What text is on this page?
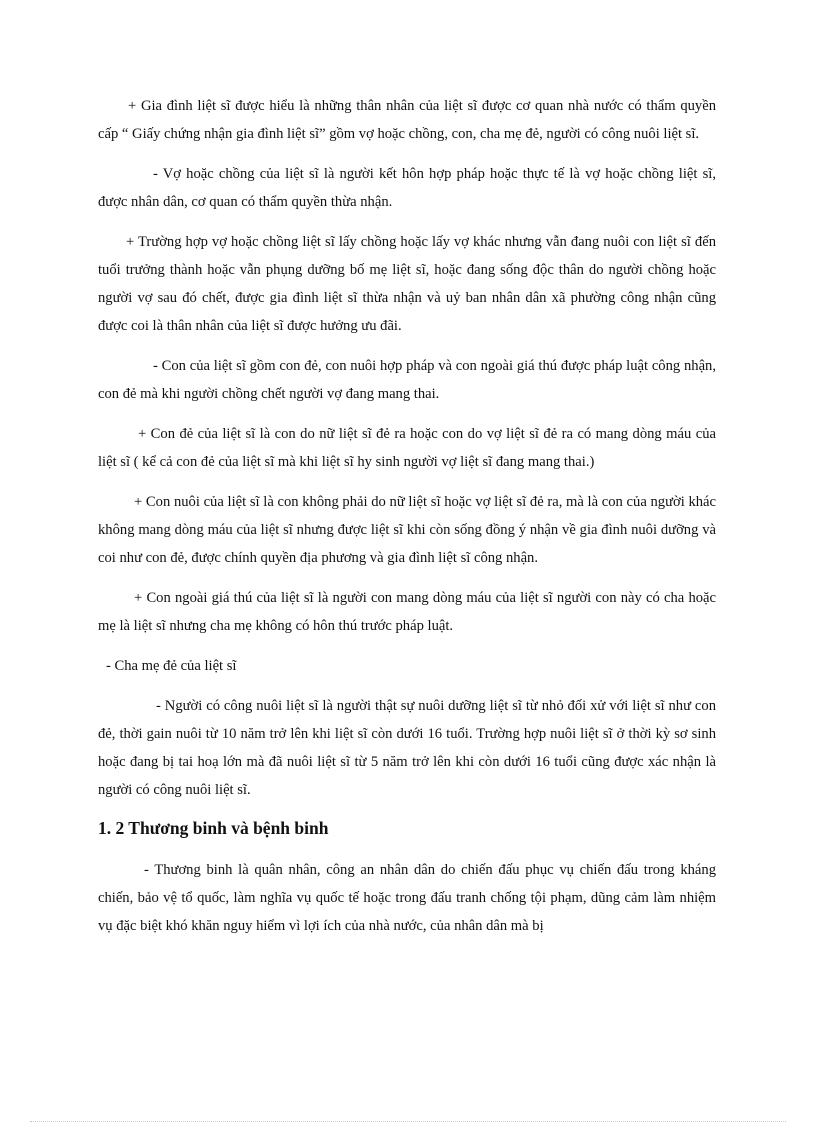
+ Gia đình liệt sĩ được hiểu là những thân nhân của liệt sĩ được cơ quan nhà nước có thẩm quyền cấp “ Giấy chứng nhận gia đình liệt sĩ” gồm vợ hoặc chồng, con, cha mẹ đẻ, người có công nuôi liệt sĩ.

- Vợ hoặc chồng của liệt sĩ là người kết hôn hợp pháp hoặc thực tế là vợ hoặc chồng liệt sĩ, được nhân dân, cơ quan có thẩm quyền thừa nhận.

+ Trường hợp vợ hoặc chồng liệt sĩ lấy chồng hoặc lấy vợ khác nhưng vẫn đang nuôi con liệt sĩ đến tuổi trưởng thành hoặc vẫn phụng dưỡng bố mẹ liệt sĩ, hoặc đang sống độc thân do người chồng hoặc người vợ sau đó chết, được gia đình liệt sĩ thừa nhận và uỷ ban nhân dân xã phường công nhận cũng được coi là thân nhân của liệt sĩ được hưởng ưu đãi.

- Con của liệt sĩ gồm con đẻ, con nuôi hợp pháp và con ngoài giá thú được pháp luật công nhận, con đẻ mà khi người chồng chết người vợ đang mang thai.

+ Con đẻ của liệt sĩ là con do nữ liệt sĩ đẻ ra hoặc con do vợ liệt sĩ đẻ ra có mang dòng máu của liệt sĩ ( kể cả con đẻ của liệt sĩ mà khi liệt sĩ hy sinh người vợ liệt sĩ đang mang thai.)

+ Con nuôi của liệt sĩ là con không phải do nữ liệt sĩ hoặc vợ liệt sĩ đẻ ra, mà là con của người khác không mang dòng máu của liệt sĩ nhưng được liệt sĩ khi còn sống đồng ý nhận về gia đình nuôi dưỡng và coi như con đẻ, được chính quyền địa phương và gia đình liệt sĩ công nhận.

+ Con ngoài giá thú của liệt sĩ là người con mang dòng máu của liệt sĩ người con này có cha hoặc mẹ là liệt sĩ nhưng cha mẹ không có hôn thú trước pháp luật.

- Cha mẹ đẻ của liệt sĩ

- Người có công nuôi liệt sĩ là người thật sự nuôi dưỡng liệt sĩ từ nhỏ đối xử với liệt sĩ như con đẻ, thời gain nuôi từ 10 năm trở lên khi liệt sĩ còn dưới 16 tuổi. Trường hợp nuôi liệt sĩ ở thời kỳ sơ sinh hoặc đang bị tai hoạ lớn mà đã nuôi liệt sĩ từ 5 năm trở lên khi còn dưới 16 tuổi cũng được xác nhận là người có công nuôi liệt sĩ.

1. 2 Thương binh và bệnh binh

- Thương binh là quân nhân, công an nhân dân do chiến đấu phục vụ chiến đấu trong kháng chiến, bảo vệ tổ quốc, làm nghĩa vụ quốc tế hoặc trong đấu tranh chống tội phạm, dũng cảm làm nhiệm vụ đặc biệt khó khăn nguy hiểm vì lợi ích của nhà nước, của nhân dân mà bị
